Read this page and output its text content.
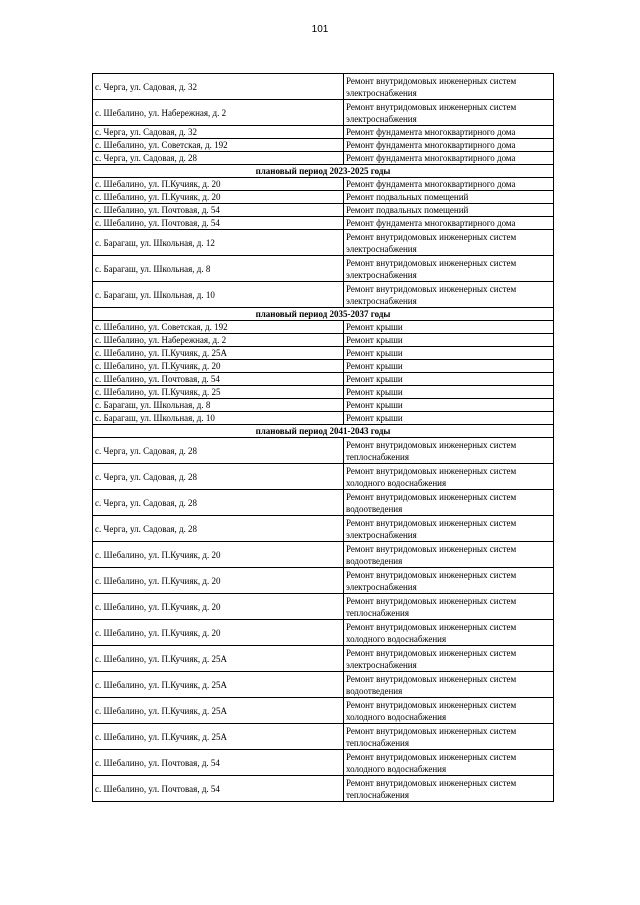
101
с. Черга, ул. Садовая, д. 32	Ремонт внутридомовых инженерных систем электроснабжения
с. Шебалино, ул. Набережная, д. 2	Ремонт внутридомовых инженерных систем электроснабжения
с. Черга, ул. Садовая, д. 32	Ремонт фундамента многоквартирного дома
с. Шебалино, ул. Советская, д. 192	Ремонт фундамента многоквартирного дома
с. Черга, ул. Садовая, д. 28	Ремонт фундамента многоквартирного дома
плановый период 2023-2025 годы	
с. Шебалино, ул. П.Кучияк, д. 20	Ремонт фундамента многоквартирного дома
с. Шебалино, ул. П.Кучияк, д. 20	Ремонт подвальных помещений
с. Шебалино, ул. Почтовая, д. 54	Ремонт подвальных помещений
с. Шебалино, ул. Почтовая, д. 54	Ремонт фундамента многоквартирного дома
с. Барагаш, ул. Школьная, д. 12	Ремонт внутридомовых инженерных систем электроснабжения
с. Барагаш, ул. Школьная, д. 8	Ремонт внутридомовых инженерных систем электроснабжения
с. Барагаш, ул. Школьная, д. 10	Ремонт внутридомовых инженерных систем электроснабжения
плановый период 2035-2037 годы	
с. Шебалино, ул. Советская, д. 192	Ремонт крыши
с. Шебалино, ул. Набережная, д. 2	Ремонт крыши
с. Шебалино, ул. П.Кучияк, д. 25А	Ремонт крыши
с. Шебалино, ул. П.Кучияк, д. 20	Ремонт крыши
с. Шебалино, ул. Почтовая, д. 54	Ремонт крыши
с. Шебалино, ул. П.Кучияк, д. 25	Ремонт крыши
с. Барагаш, ул. Школьная, д. 8	Ремонт крыши
с. Барагаш, ул. Школьная, д. 10	Ремонт крыши
плановый период 2041-2043 годы	
с. Черга, ул. Садовая, д. 28	Ремонт внутридомовых инженерных систем теплоснабжения
с. Черга, ул. Садовая, д. 28	Ремонт внутридомовых инженерных систем холодного водоснабжения
с. Черга, ул. Садовая, д. 28	Ремонт внутридомовых инженерных систем водоотведения
с. Черга, ул. Садовая, д. 28	Ремонт внутридомовых инженерных систем электроснабжения
с. Шебалино, ул. П.Кучияк, д. 20	Ремонт внутридомовых инженерных систем водоотведения
с. Шебалино, ул. П.Кучияк, д. 20	Ремонт внутридомовых инженерных систем электроснабжения
с. Шебалино, ул. П.Кучияк, д. 20	Ремонт внутридомовых инженерных систем теплоснабжения
с. Шебалино, ул. П.Кучияк, д. 20	Ремонт внутридомовых инженерных систем холодного водоснабжения
с. Шебалино, ул. П.Кучияк, д. 25А	Ремонт внутридомовых инженерных систем электроснабжения
с. Шебалино, ул. П.Кучияк, д. 25А	Ремонт внутридомовых инженерных систем водоотведения
с. Шебалино, ул. П.Кучияк, д. 25А	Ремонт внутридомовых инженерных систем холодного водоснабжения
с. Шебалино, ул. П.Кучияк, д. 25А	Ремонт внутридомовых инженерных систем теплоснабжения
с. Шебалино, ул. Почтовая, д. 54	Ремонт внутридомовых инженерных систем холодного водоснабжения
с. Шебалино, ул. Почтовая, д. 54	Ремонт внутридомовых инженерных систем теплоснабжения
